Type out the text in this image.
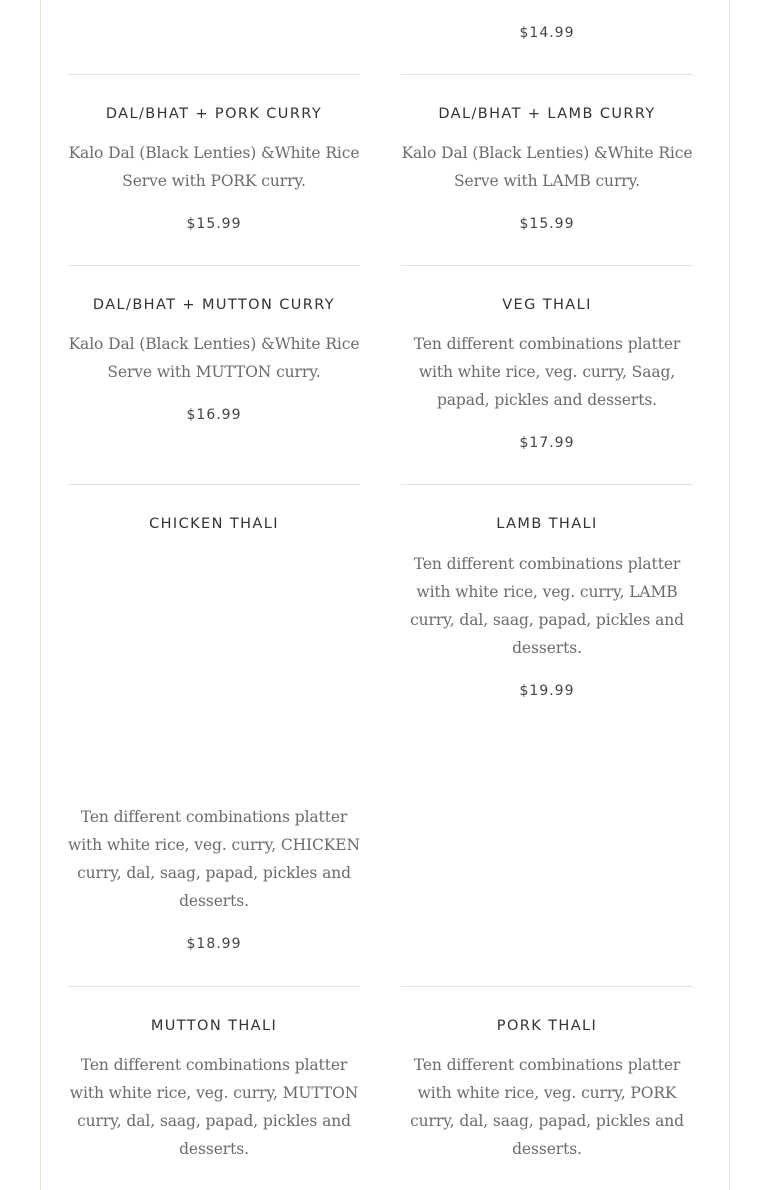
$14.99
DAL/BHAT + PORK CURRY
Kalo Dal (Black Lenties) &White Rice
Serve with PORK curry.
$15.99
DAL/BHAT + LAMB CURRY
Kalo Dal (Black Lenties) &White Rice
Serve with LAMB curry.
$15.99
DAL/BHAT + MUTTON CURRY
Kalo Dal (Black Lenties) &White Rice
Serve with MUTTON curry.
$16.99
VEG THALI
Ten different combinations platter
with white rice, veg. curry, Saag,
papad, pickles and desserts.
$17.99
CHICKEN THALI
Ten different combinations platter
with white rice, veg. curry, CHICKEN
curry, dal, saag, papad, pickles and
desserts.
$18.99
LAMB THALI
Ten different combinations platter
with white rice, veg. curry, LAMB
curry, dal, saag, papad, pickles and
desserts.
$19.99
MUTTON THALI
Ten different combinations platter
with white rice, veg. curry, MUTTON
curry, dal, saag, papad, pickles and
desserts.
PORK THALI
Ten different combinations platter
with white rice, veg. curry, PORK
curry, dal, saag, papad, pickles and
desserts.
